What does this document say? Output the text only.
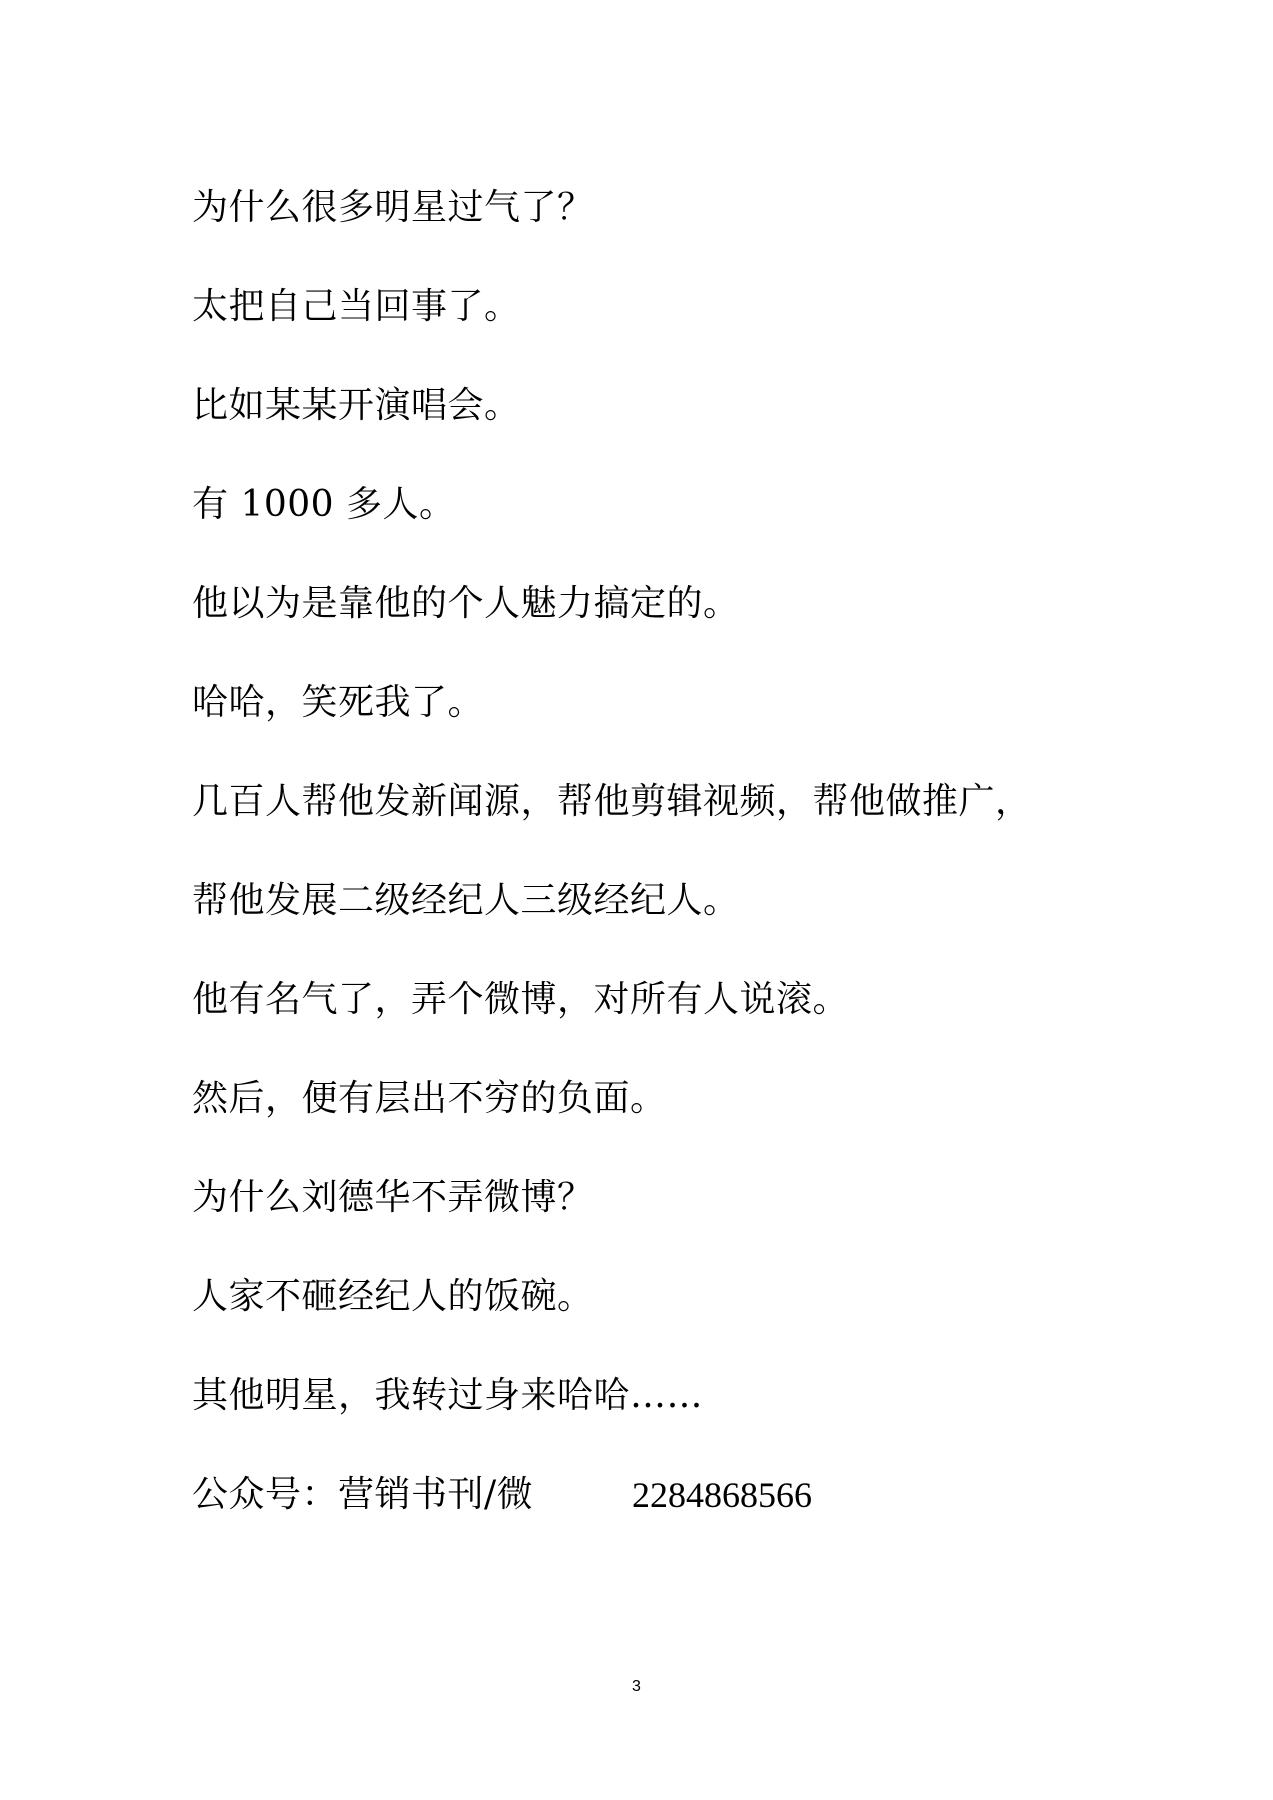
为什么很多明星过气了？
太把自己当回事了。
比如某某开演唱会。
有 1000 多人。
他以为是靠他的个人魅力搞定的。
哈哈，笑死我了。
几百人帮他发新闻源，帮他剪辑视频，帮他做推广，
帮他发展二级经纪人三级经纪人。
他有名气了，弄个微博，对所有人说滚。
然后，便有层出不穷的负面。
为什么刘德华不弄微博？
人家不砸经纪人的饭碗。
其他明星，我转过身来哈哈……
公众号：营销书刊/微	2284868566
3
